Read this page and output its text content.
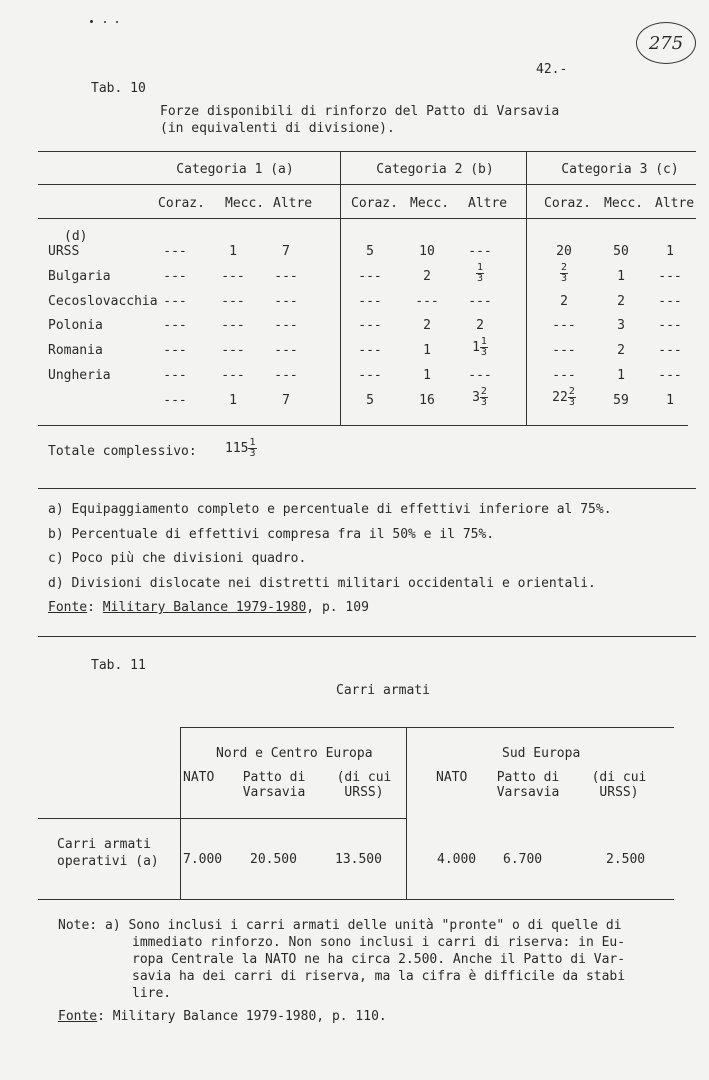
275
42.-
Tab. 10
Forze disponibili di rinforzo del Patto di Varsavia
(in equivalenti di divisione).
Categoria 1 (a)	Categoria 2 (b)	Categoria 3 (c)
Coraz. Mecc. Altre	Coraz. Mecc. Altre	Coraz. Mecc. Altre
(d)
URSS	---	1	7	5	10	---	20	50	1
Bulgaria	---	---	---	---	2	$\frac{1}{3}$	$\frac{2}{3}$	1	---
Cecoslovacchia ---	---	---	---	---	---	2	2	---
Polonia	---	---	---	---	2	2	---	3	---
Romania	---	---	---	---	1	$1 \frac{1}{3}$	---	2	---
Ungheria	---	---	---	---	1	---	---	1	---
---	1	7	5	16	$3 \frac{2}{3}$	$22 \frac{2}{3}$	59	1
Totale complessivo: $115 \frac{1}{3}$
a) Equipaggiamento completo e percentuale di effettivi inferiore al 75%.
b) Percentuale di effettivi compresa fra il 50% e il 75%.
c) Poco più che divisioni quadro.
d) Divisioni dislocate nei distretti militari occidentali e orientali.
Fonte: Military Balance 1979-1980, p. 109
Tab. 11
Carri armati
Nord e Centro Europa	Sud Europa
NATO	Patto di
Varsavia
(di cui
URSS)
NATO	Patto di
Varsavia
(di cui
URSS)
Carri armati
operativi (a) 7.000 20.500	13.500	4.000 6.700	2.500
Note: a) Sono inclusi i carri armati delle unità "pronte" o di quelle di
immediato rinforzo. Non sono inclusi i carri di riserva: in Eu-
ropa Centrale la NATO ne ha circa 2.500. Anche il Patto di Var-
savia ha dei carri di riserva, ma la cifra è difficile da stabi
lire.
Fonte: Military Balance 1979-1980, p. 110.
